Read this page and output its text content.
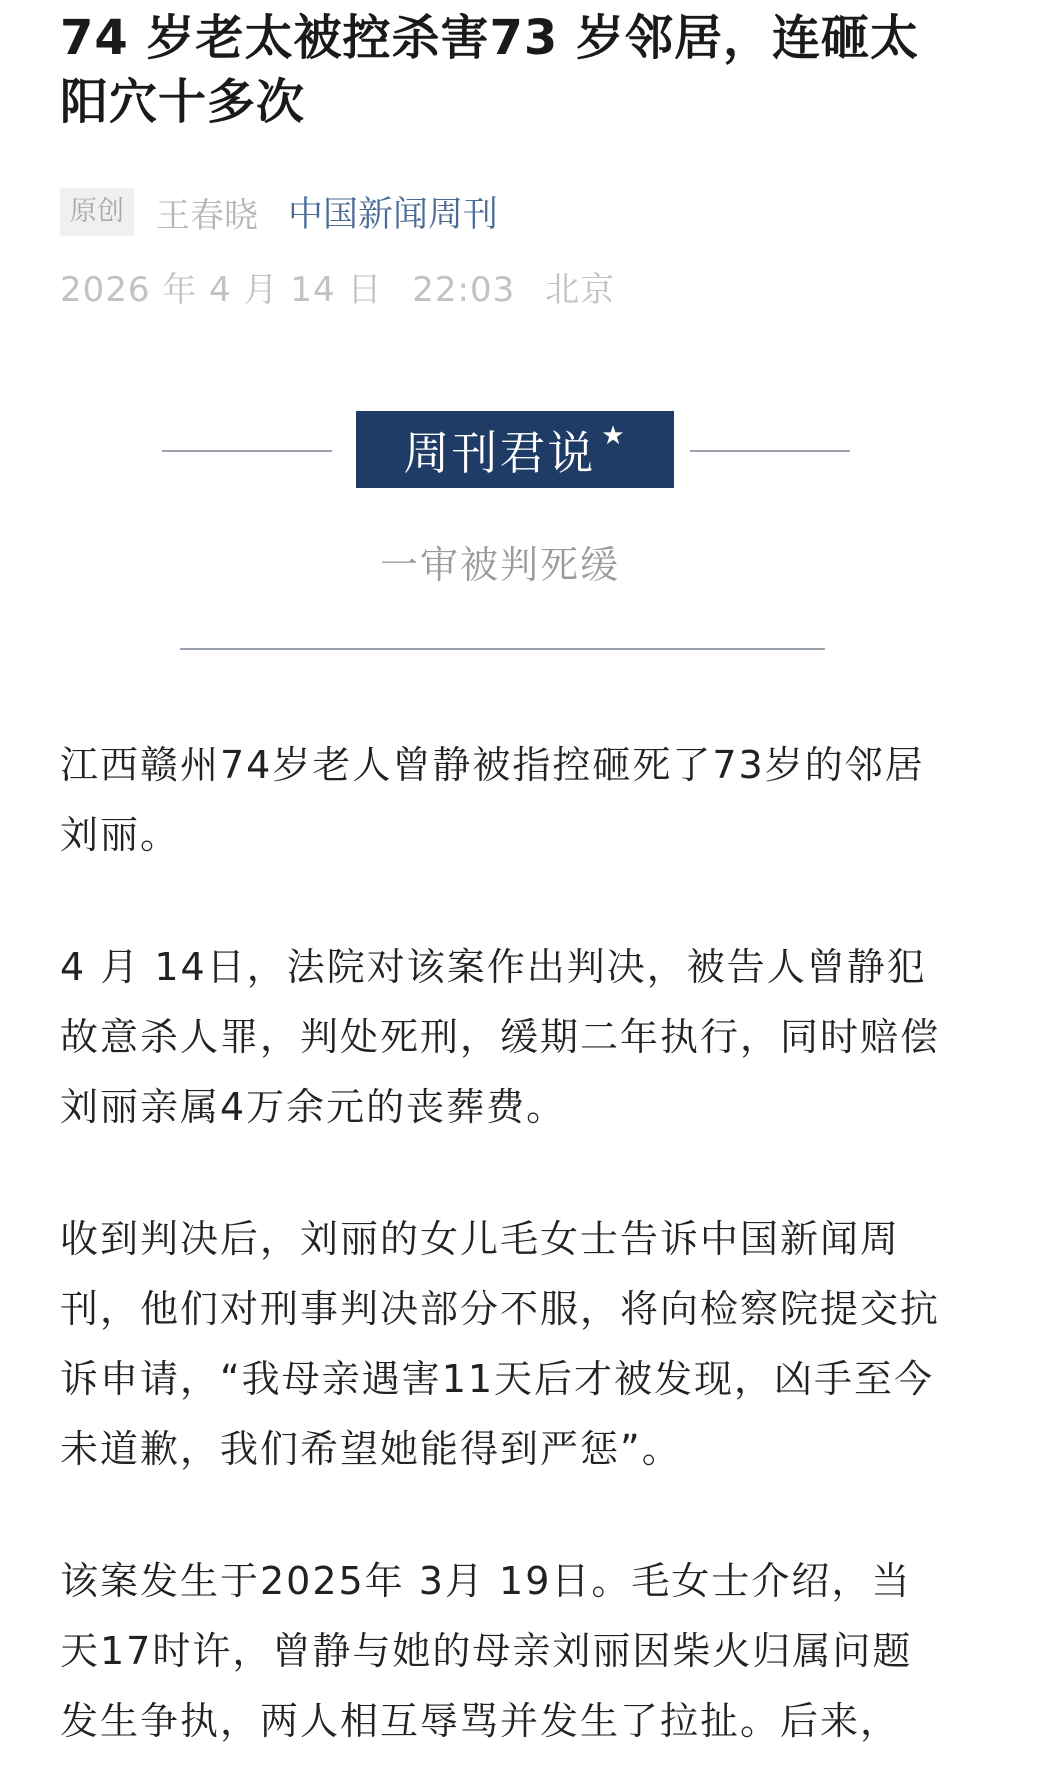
74 岁老太被控杀害73 岁邻居，连砸太阳穴十多次
原创 王春晓 中国新闻周刊
2026 年 4 月 14 日 22:03 北京
周刊君说 ★
一审被判死缓

江西赣州74岁老人曾静被指控砸死了73岁的邻居刘丽。

4 月 14日，法院对该案作出判决，被告人曾静犯故意杀人罪，判处死刑，缓期二年执行，同时赔偿刘丽亲属4万余元的丧葬费。

收到判决后，刘丽的女儿毛女士告诉中国新闻周刊，他们对刑事判决部分不服，将向检察院提交抗诉申请，“我母亲遇害11天后才被发现，凶手至今未道歉，我们希望她能得到严惩”。

该案发生于2025年 3月 19日。毛女士介绍，当天17时许，曾静与她的母亲刘丽因柴火归属问题发生争执，两人相互辱骂并发生了拉扯。后来，
